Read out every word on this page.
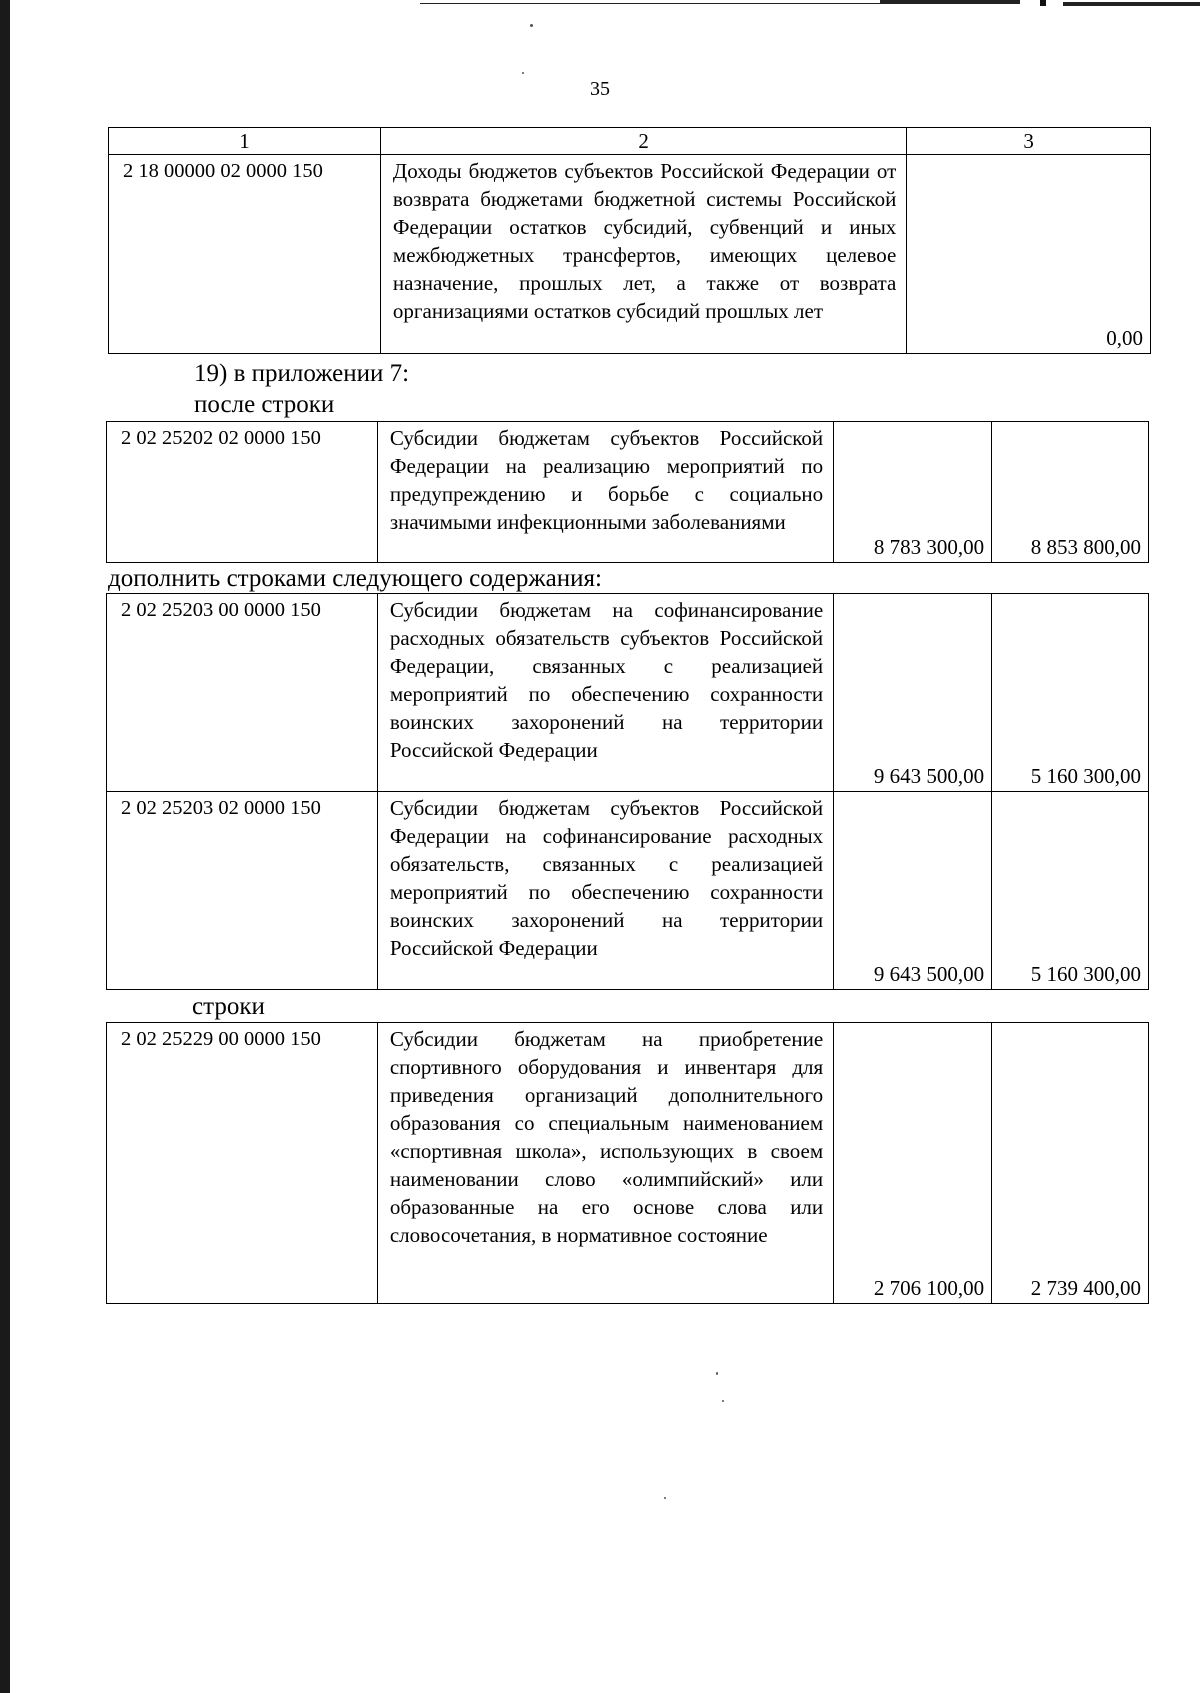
35
1	2	3
2 18 00000 02 0000 150	Доходы бюджетов субъектов Российской Федерации от возврата бюджетами бюджетной системы Российской Федерации остатков субсидий, субвенций и иных межбюджетных трансфертов, имеющих целевое назначение, прошлых лет, а также от возврата организациями остатков субсидий прошлых лет	0,00
19) в приложении 7:
после строки
2 02 25202 02 0000 150	Субсидии бюджетам субъектов Российской Федерации на реализацию мероприятий по предупреждению и борьбе с социально значимыми инфекционными заболеваниями	8 783 300,00	8 853 800,00
дополнить строками следующего содержания:
2 02 25203 00 0000 150	Субсидии бюджетам на софинансирование расходных обязательств субъектов Российской Федерации, связанных с реализацией мероприятий по обеспечению сохранности воинских захоронений на территории Российской Федерации	9 643 500,00	5 160 300,00
2 02 25203 02 0000 150	Субсидии бюджетам субъектов Российской Федерации на софинансирование расходных обязательств, связанных с реализацией мероприятий по обеспечению сохранности воинских захоронений на территории Российской Федерации	9 643 500,00	5 160 300,00
строки
2 02 25229 00 0000 150	Субсидии бюджетам на приобретение спортивного оборудования и инвентаря для приведения организаций дополнительного образования со специальным наименованием «спортивная школа», использующих в своем наименовании слово «олимпийский» или образованные на его основе слова или словосочетания, в нормативное состояние	2 706 100,00	2 739 400,00
